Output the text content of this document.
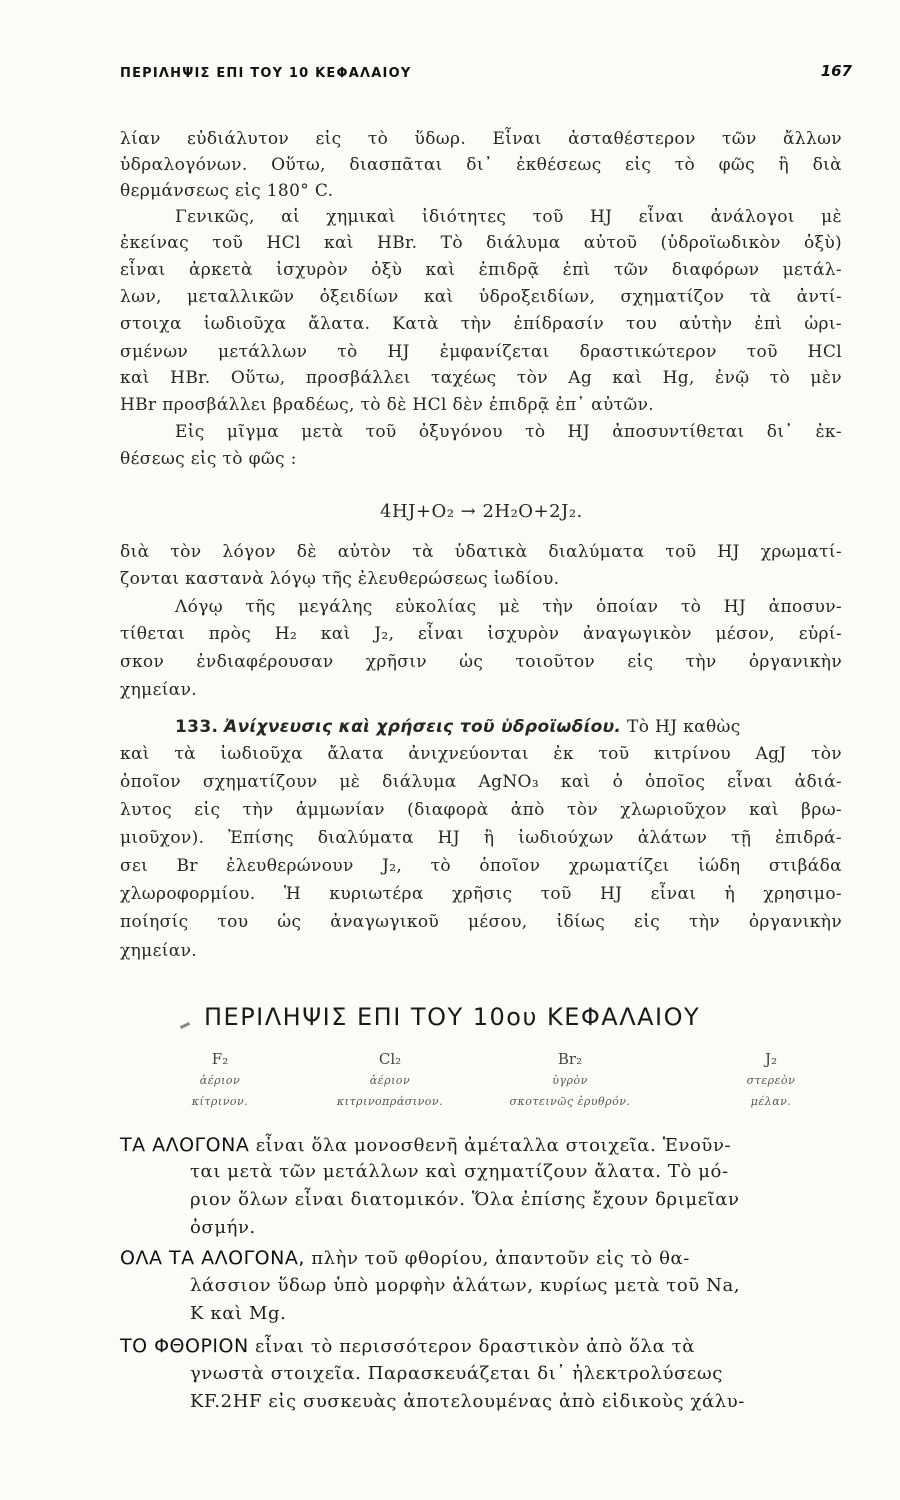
ΠΕΡΙΛΗΨΙΣ ΕΠΙ ΤΟΥ 10 ΚΕΦΑΛΑΙΟΥ	167
λίαν εὐδιάλυτον εἰς τὸ ὕδωρ. Εἶναι ἀσταθέστερον τῶν ἄλλων
ὑδραλογόνων. Οὕτω, διασπᾶται δι᾽ ἐκθέσεως εἰς τὸ φῶς ἢ διὰ
θερμάνσεως εἰς 180° C.
Γενικῶς, αἱ χημικαὶ ἰδιότητες τοῦ HJ εἶναι ἀνάλογοι μὲ
ἐκείνας τοῦ HCl καὶ HBr. Τὸ διάλυμα αὐτοῦ (ὑδροϊωδικὸν ὀξὺ)
εἶναι ἀρκετὰ ἰσχυρὸν ὀξὺ καὶ ἐπιδρᾷ ἐπὶ τῶν διαφόρων μετάλ-
λων, μεταλλικῶν ὀξειδίων καὶ ὑδροξειδίων, σχηματίζον τὰ ἀντί-
στοιχα ἰωδιοῦχα ἄλατα. Κατὰ τὴν ἐπίδρασίν του αὐτὴν ἐπὶ ὡρι-
σμένων μετάλλων τὸ HJ ἐμφανίζεται δραστικώτερον τοῦ HCl
καὶ HBr. Οὕτω, προσβάλλει ταχέως τὸν Ag καὶ Hg, ἐνῷ τὸ μὲν
HBr προσβάλλει βραδέως, τὸ δὲ HCl δὲν ἐπιδρᾷ ἐπ᾽ αὐτῶν.
Εἰς μῖγμα μετὰ τοῦ ὀξυγόνου τὸ HJ ἀποσυντίθεται δι᾽ ἐκ-
θέσεως εἰς τὸ φῶς :
4HJ+O₂ → 2H₂O+2J₂.
διὰ τὸν λόγον δὲ αὐτὸν τὰ ὑδατικὰ διαλύματα τοῦ HJ χρωματί-
ζονται καστανὰ λόγῳ τῆς ἐλευθερώσεως ἰωδίου.
Λόγῳ τῆς μεγάλης εὐκολίας μὲ τὴν ὁποίαν τὸ HJ ἀποσυν-
τίθεται πρὸς H₂ καὶ J₂, εἶναι ἰσχυρὸν ἀναγωγικὸν μέσον, εὑρί-
σκον ἐνδιαφέρουσαν χρῆσιν ὡς τοιοῦτον εἰς τὴν ὀργανικὴν
χημείαν.
133. Ἀνίχνευσις καὶ χρήσεις τοῦ ὑδροϊωδίου. Τὸ HJ καθὼς
καὶ τὰ ἰωδιοῦχα ἄλατα ἀνιχνεύονται ἐκ τοῦ κιτρίνου AgJ τὸν
ὁποῖον σχηματίζουν μὲ διάλυμα AgNO₃ καὶ ὁ ὁποῖος εἶναι ἀδιά-
λυτος εἰς τὴν ἀμμωνίαν (διαφορὰ ἀπὸ τὸν χλωριοῦχον καὶ βρω-
μιοῦχον). Ἐπίσης διαλύματα HJ ἢ ἰωδιούχων ἀλάτων τῇ ἐπιδρά-
σει Br ἐλευθερώνουν J₂, τὸ ὁποῖον χρωματίζει ἰώδη στιβάδα
χλωροφορμίου. Ἡ κυριωτέρα χρῆσις τοῦ HJ εἶναι ἡ χρησιμο-
ποίησίς του ὡς ἀναγωγικοῦ μέσου, ἰδίως εἰς τὴν ὀργανικὴν
χημείαν.
ΠΕΡΙΛΗΨΙΣ ΕΠΙ ΤΟΥ 10ου ΚΕΦΑΛΑΙΟΥ
F₂
ἀέριον
κίτρινον.
Cl₂
ἀέριον
κιτρινοπράσινον.
Br₂
ὑγρὸν
σκοτεινῶς ἐρυθρόν.
J₂
στερεὸν
μέλαν.
ΤΑ ΑΛΟΓΟΝΑ εἶναι ὅλα μονοσθενῆ ἀμέταλλα στοιχεῖα. Ἑνοῦν-
ται μετὰ τῶν μετάλλων καὶ σχηματίζουν ἄλατα. Τὸ μό-
ριον ὅλων εἶναι διατομικόν. Ὅλα ἐπίσης ἔχουν δριμεῖαν
ὀσμήν.
ΟΛΑ ΤΑ ΑΛΟΓΟΝΑ, πλὴν τοῦ φθορίου, ἀπαντοῦν εἰς τὸ θα-
λάσσιον ὕδωρ ὑπὸ μορφὴν ἀλάτων, κυρίως μετὰ τοῦ Na,
K καὶ Mg.
ΤΟ ΦΘΟΡΙΟΝ εἶναι τὸ περισσότερον δραστικὸν ἀπὸ ὅλα τὰ
γνωστὰ στοιχεῖα. Παρασκευάζεται δι᾽ ἠλεκτρολύσεως
KF.2HF εἰς συσκευὰς ἀποτελουμένας ἀπὸ εἰδικοὺς χάλυ-
